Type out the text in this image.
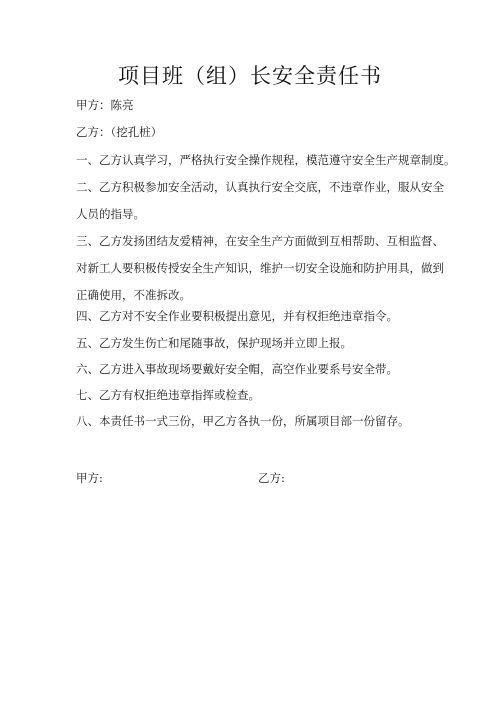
项目班（组）长安全责任书
甲方：陈亮
乙方：（挖孔桩）
一、乙方认真学习，严格执行安全操作规程，模范遵守安全生产规章制度。
二、乙方积极参加安全活动，认真执行安全交底，不违章作业，服从安全
人员的指导。
三、乙方发扬团结友爱精神，在安全生产方面做到互相帮助、互相监督、
对新工人要积极传授安全生产知识，维护一切安全设施和防护用具，做到
正确使用，不准拆改。
四、乙方对不安全作业要积极提出意见，并有权拒绝违章指令。
五、乙方发生伤亡和尾随事故，保护现场并立即上报。
六、乙方进入事故现场要戴好安全帽，高空作业要系号安全带。
七、乙方有权拒绝违章指挥或检查。
八、本责任书一式三份，甲乙方各执一份，所属项目部一份留存。
甲方:	乙方:
